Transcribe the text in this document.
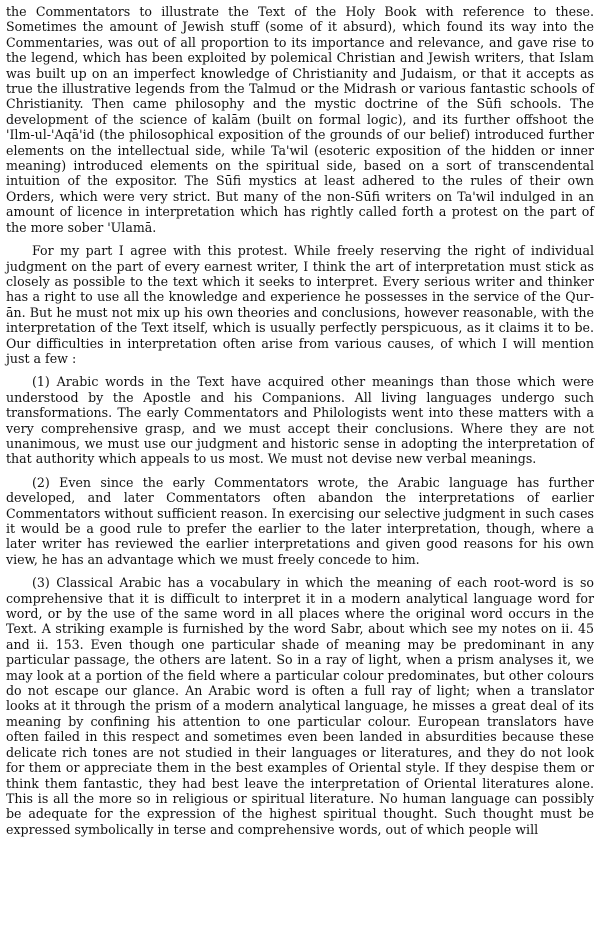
the Commentators to illustrate the Text of the Holy Book with reference to these. Sometimes the amount of Jewish stuff (some of it absurd), which found its way into the Commentaries, was out of all proportion to its importance and relevance, and gave rise to the legend, which has been exploited by polemical Christian and Jewish writers, that Islam was built up on an imperfect knowledge of Christianity and Judaism, or that it accepts as true the illustrative legends from the Talmud or the Midrash or various fantastic schools of Christianity. Then came philosophy and the mystic doctrine of the Sūfi schools. The development of the science of kalām (built on formal logic), and its further offshoot the 'Ilm-ul-'Aqā'id (the philosophical exposition of the grounds of our belief) introduced further elements on the intellectual side, while Ta'wil (esoteric exposition of the hidden or inner meaning) introduced elements on the spiritual side, based on a sort of transcendental intuition of the expositor. The Sūfi mystics at least adhered to the rules of their own Orders, which were very strict. But many of the non-Sūfi writers on Ta'wil indulged in an amount of licence in interpretation which has rightly called forth a protest on the part of the more sober 'Ulamā.

For my part I agree with this protest. While freely reserving the right of individual judgment on the part of every earnest writer, I think the art of interpretation must stick as closely as possible to the text which it seeks to interpret. Every serious writer and thinker has a right to use all the knowledge and experience he possesses in the service of the Qur-ān. But he must not mix up his own theories and conclusions, however reasonable, with the interpretation of the Text itself, which is usually perfectly perspicuous, as it claims it to be. Our difficulties in interpretation often arise from various causes, of which I will mention just a few :

(1) Arabic words in the Text have acquired other meanings than those which were understood by the Apostle and his Companions. All living languages undergo such transformations. The early Commentators and Philologists went into these matters with a very comprehensive grasp, and we must accept their conclusions. Where they are not unanimous, we must use our judgment and historic sense in adopting the interpretation of that authority which appeals to us most. We must not devise new verbal meanings.

(2) Even since the early Commentators wrote, the Arabic language has further developed, and later Commentators often abandon the interpretations of earlier Commentators without sufficient reason. In exercising our selective judgment in such cases it would be a good rule to prefer the earlier to the later interpretation, though, where a later writer has reviewed the earlier interpretations and given good reasons for his own view, he has an advantage which we must freely concede to him.

(3) Classical Arabic has a vocabulary in which the meaning of each root-word is so comprehensive that it is difficult to interpret it in a modern analytical language word for word, or by the use of the same word in all places where the original word occurs in the Text. A striking example is furnished by the word Sabr, about which see my notes on ii. 45 and ii. 153. Even though one particular shade of meaning may be predominant in any particular passage, the others are latent. So in a ray of light, when a prism analyses it, we may look at a portion of the field where a particular colour predominates, but other colours do not escape our glance. An Arabic word is often a full ray of light; when a translator looks at it through the prism of a modern analytical language, he misses a great deal of its meaning by confining his attention to one particular colour. European translators have often failed in this respect and sometimes even been landed in absurdities because these delicate rich tones are not studied in their languages or literatures, and they do not look for them or appreciate them in the best examples of Oriental style. If they despise them or think them fantastic, they had best leave the interpretation of Oriental literatures alone. This is all the more so in religious or spiritual literature. No human language can possibly be adequate for the expression of the highest spiritual thought. Such thought must be expressed symbolically in terse and comprehensive words, out of which people will
